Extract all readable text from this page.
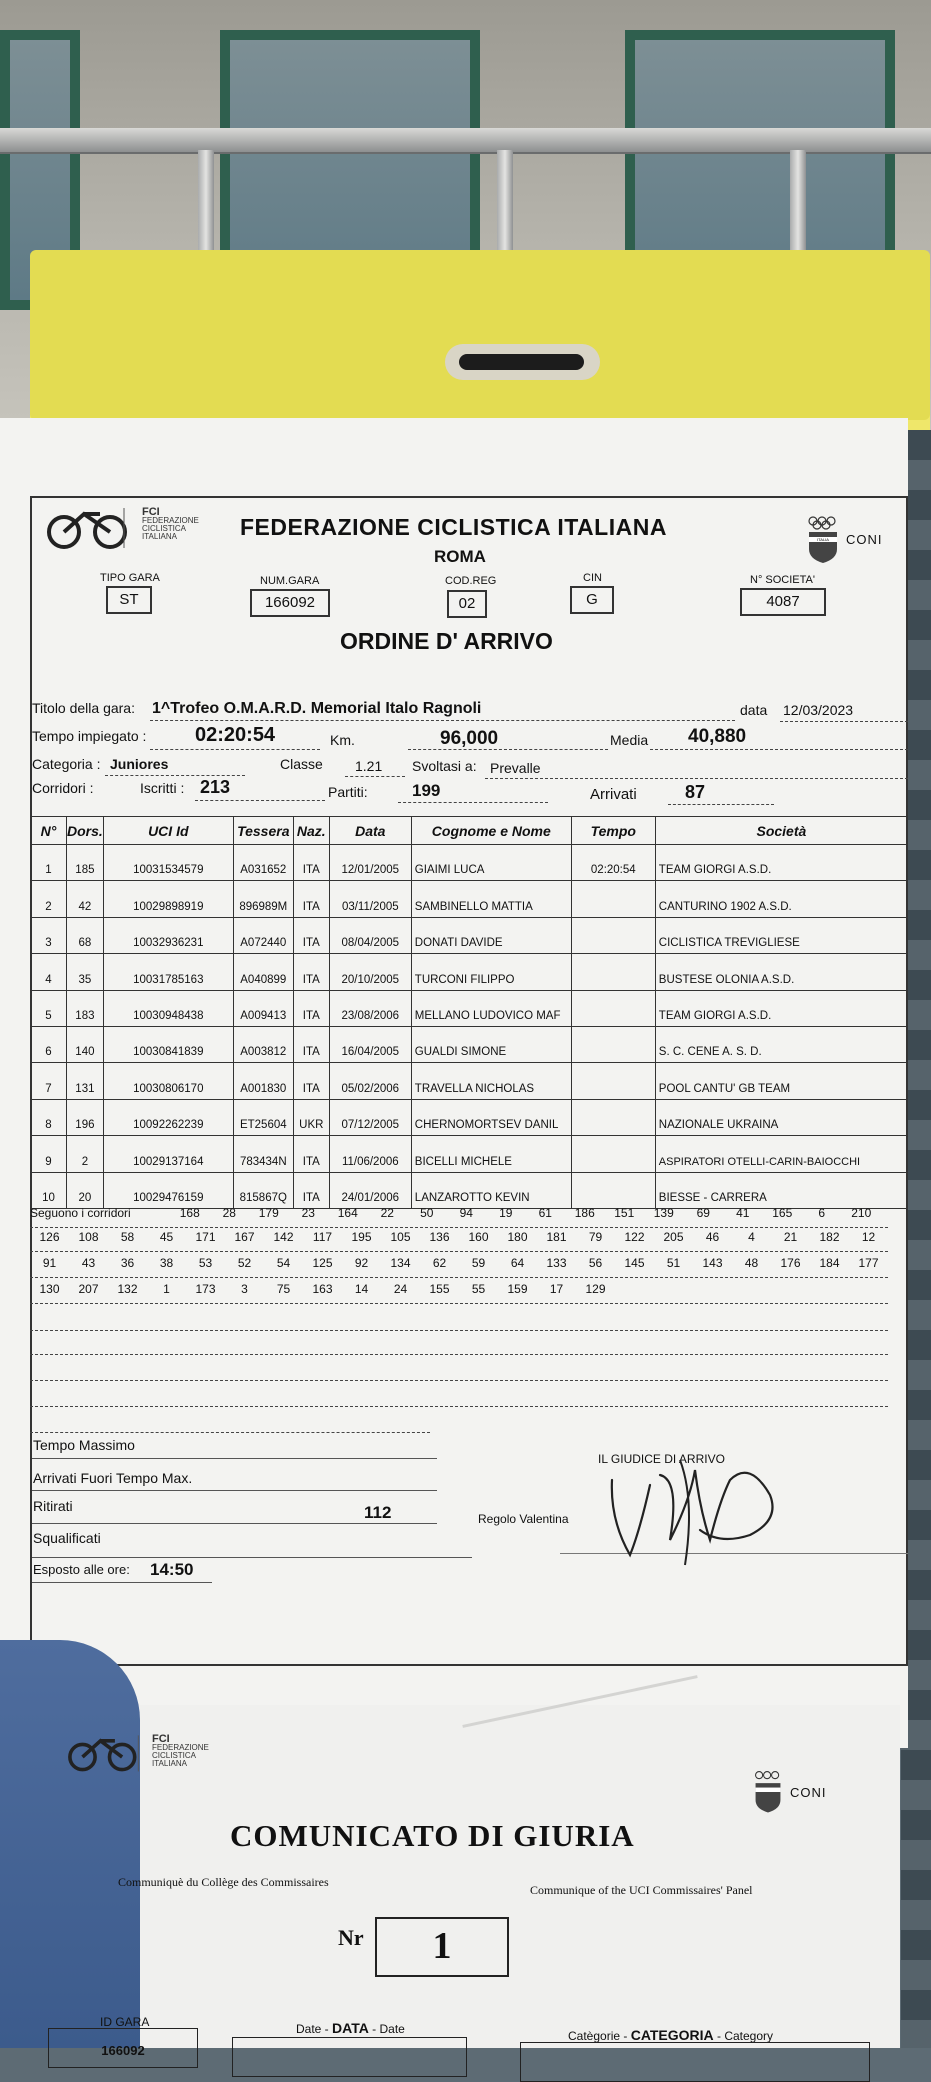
FCI
FEDERAZIONE
CICLISTICA
ITALIANA	FEDERAZIONE CICLISTICA ITALIANA
ROMA
ITALIA CONI
TIPO GARA
ST
NUM.GARA
166092
COD.REG
02
CIN
G
N° SOCIETA'
4087
ORDINE D' ARRIVO
Titolo della gara: 1^Trofeo O.M.A.R.D. Memorial Italo Ragnoli	data 12/03/2023
Tempo impiegato : 02:20:54	Km.	96,000	Media 40,880
Categoria : Juniores	Classe 1.21 Svoltasi a: Prevalle
Corridori :	Iscritti : 213	Partiti:	199	Arrivati	87
N°	Dors.	UCI Id	Tessera	Naz.	Data	Cognome e Nome	Tempo	Società
1	185	10031534579	A031652	ITA	12/01/2005	GIAIMI LUCA	02:20:54	TEAM GIORGI A.S.D.
2	42	10029898919	896989M	ITA	03/11/2005	SAMBINELLO MATTIA		CANTURINO 1902 A.S.D.
3	68	10032936231	A072440	ITA	08/04/2005	DONATI DAVIDE		CICLISTICA TREVIGLIESE
4	35	10031785163	A040899	ITA	20/10/2005	TURCONI FILIPPO		BUSTESE OLONIA A.S.D.
5	183	10030948438	A009413	ITA	23/08/2006	MELLANO LUDOVICO MAF		TEAM GIORGI A.S.D.
6	140	10030841839	A003812	ITA	16/04/2005	GUALDI SIMONE		S. C. CENE A. S. D.
7	131	10030806170	A001830	ITA	05/02/2006	TRAVELLA NICHOLAS		POOL CANTU' GB TEAM
8	196	10092262239	ET25604	UKR	07/12/2005	CHERNOMORTSEV DANIL		NAZIONALE UKRAINA
9	2	10029137164	783434N	ITA	11/06/2006	BICELLI MICHELE		ASPIRATORI OTELLI-CARIN-BAIOCCHI
10	20	10029476159	815867Q	ITA	24/01/2006	LANZAROTTO KEVIN		BIESSE - CARRERA
Seguono i corridori	168 28 179 23 164 22 50 94 19 61 186 151 139 69 41 165 6 210
126 108 58 45 171 167 142 117 195 105 136 160 180 181 79 122 205 46 4 21 182 12
91 43 36 38 53 52 54 125 92 134 62 59 64 133 56 145 51 143 48 176 184 177
130 207 132 1 173 3 75 163 14 24 155 55 159 17 129
Tempo Massimo
Arrivati Fuori Tempo Max.
Ritirati	112
Squalificati
Esposto alle ore: 14:50
IL GIUDICE DI ARRIVO
Regolo Valentina
FCI
FEDERAZIONE
CICLISTICA
ITALIANA
CONI
COMUNICATO DI GIURIA
Communiquè du Collège des Commissaires
Communique of the UCI Commissaires' Panel
Nr	1
ID GARA
166092
Date - DATA - Date	Catègorie - CATEGORIA - Category
